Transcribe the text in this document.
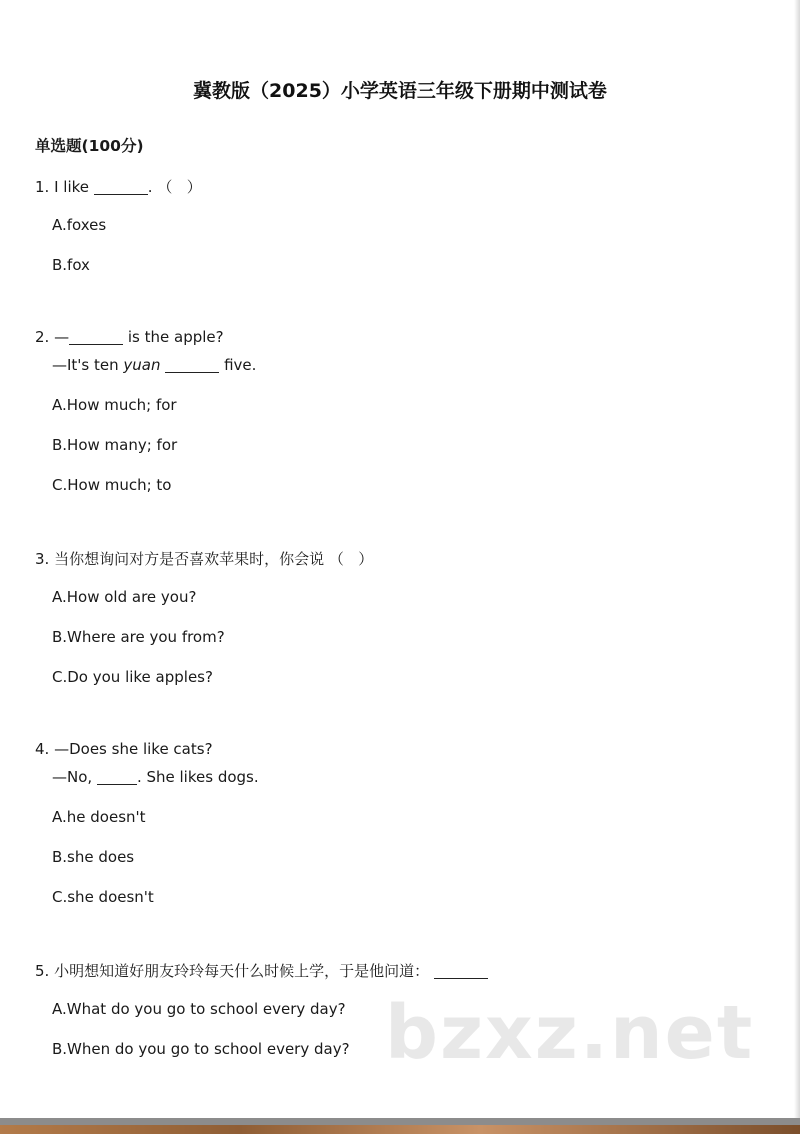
冀教版（2025）小学英语三年级下册期中测试卷
单选题(100分)
1. I like	. （ ）
A.foxes
B.fox
2. —	is the apple?
—It's ten yuan	five.
A.How much; for
B.How many; for
C.How much; to
3. 当你想询问对方是否喜欢苹果时，你会说 （ ）
A.How old are you?
B.Where are you from?
C.Do you like apples?
4. —Does she like cats?
—No,	. She likes dogs.
A.he doesn't
B.she does
C.she doesn't
5. 小明想知道好朋友玲玲每天什么时候上学，于是他问道：
A.What do you go to school every day?
B.When do you go to school every day? bzxz.net
